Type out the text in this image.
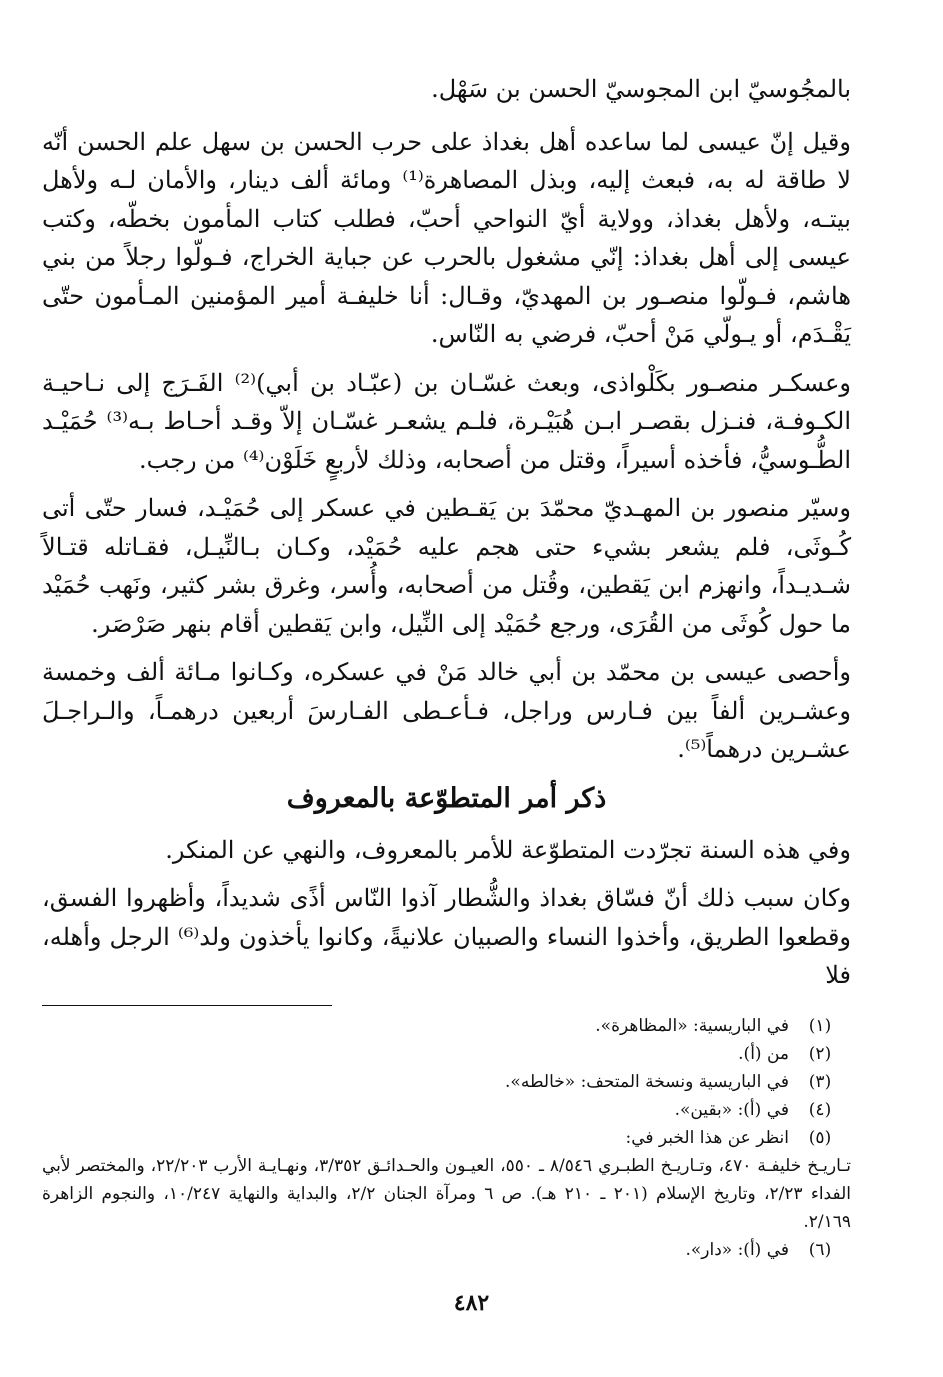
بالمجُوسيّ ابن المجوسيّ الحسن بن سَهْل.

وقيل إنّ عيسى لما ساعده أهل بغداذ على حرب الحسن بن سهل علم الحسن أنّه لا طاقة له به، فبعث إليه، وبذل المصاهرة⁽¹⁾ ومائة ألف دينار، والأمان لـه ولأهل بيتـه، ولأهل بغداذ، وولاية أيّ النواحي أحبّ، فطلب كتاب المأمون بخطّه، وكتب عيسى إلى أهل بغداذ: إنّي مشغول بالحرب عن جباية الخراج، فـولّوا رجلاً من بني هاشم، فـولّوا منصـور بن المهديّ، وقـال: أنا خليفـة أمير المؤمنين المـأمون حتّى يَقْـدَم، أو يـولّي مَنْ أحبّ، فرضي به النّاس.

وعسكـر منصـور بكَلْواذى، وبعث غسّـان بن (عبّـاد بن أبي)⁽²⁾ الفَـرَج إلى نـاحيـة الكـوفـة، فنـزل بقصـر ابـن هُبَيْـرة، فلـم يشعـر غسّـان إلاّ وقـد أحـاط بـه⁽³⁾ حُمَيْـد الطُّـوسيُّ، فأخذه أسيراً، وقتل من أصحابه، وذلك لأربعٍ خَلَوْن⁽⁴⁾ من رجب.

وسيّر منصور بن المهـديّ محمّدَ بن يَقـطين في عسكر إلى حُمَيْـد، فسار حتّى أتى كُـوثَى، فلم يشعر بشيء حتى هجم عليه حُمَيْد، وكـان بـالنِّيـل، فقـاتله قتـالاً شـديـداً، وانهزم ابن يَقطين، وقُتل من أصحابه، وأُسر، وغرق بشر كثير، ونَهب حُمَيْد ما حول كُوثَى من القُرَى، ورجع حُمَيْد إلى النِّيل، وابن يَقطين أقام بنهر صَرْصَر.

وأحصى عيسى بن محمّد بن أبي خالد مَنْ في عسكره، وكـانوا مـائة ألف وخمسة وعشـرين ألفاً بين فـارس وراجل، فـأعـطى الفـارسَ أربعين درهمـاً، والـراجـلَ عشـرين درهماً⁽⁵⁾.

ذكر أمر المتطوّعة بالمعروف

وفي هذه السنة تجرّدت المتطوّعة للأمر بالمعروف، والنهي عن المنكر.

وكان سبب ذلك أنّ فسّاق بغداذ والشُّطار آذوا النّاس أذًى شديداً، وأظهروا الفسق، وقطعوا الطريق، وأخذوا النساء والصبيان علانيةً، وكانوا يأخذون ولد⁽⁶⁾ الرجل وأهله، فلا

(١)
في الباريسية: «المظاهرة».
(٢)
من (أ).
(٣)
في الباريسية ونسخة المتحف: «خالطه».
(٤)
في (أ): «بقين».
(٥)
انظر عن هذا الخبر في:
تـاريـخ خليفـة ٤٧٠، وتـاريـخ الطبـري ٨/٥٤٦ ـ ٥٥٠، العيـون والحـدائـق ٣/٣٥٢، ونهـايـة الأرب ٢٢/٢٠٣، والمختصر لأبي الفداء ٢/٢٣، وتاريخ الإسلام (٢٠١ ـ ٢١٠ هـ). ص ٦ ومرآة الجنان ٢/٢، والبداية والنهاية ١٠/٢٤٧، والنجوم الزاهرة ٢/١٦٩.
(٦)
في (أ): «دار».
٤٨٢
